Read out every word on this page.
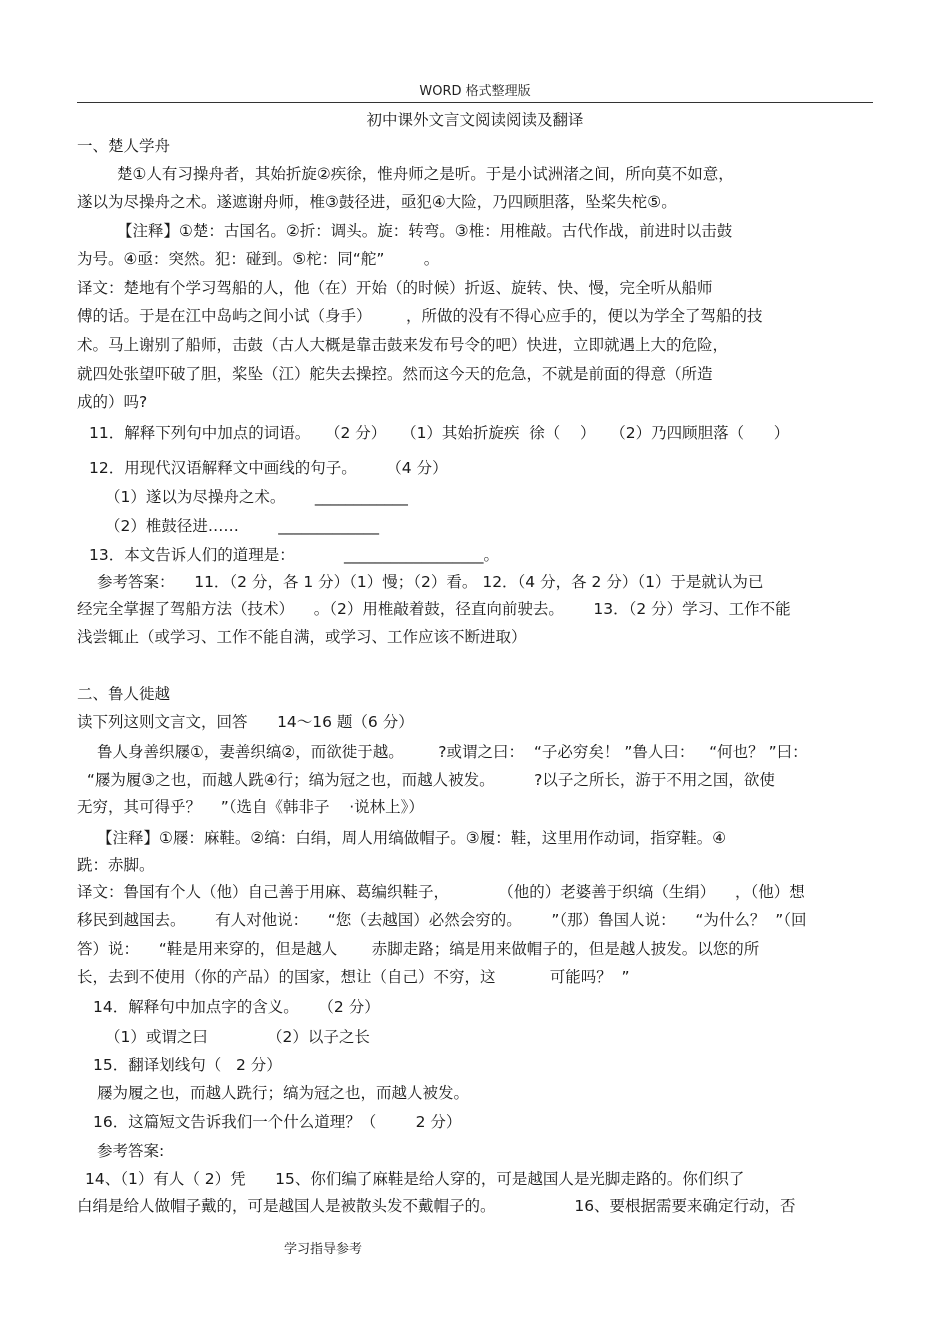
WORD 格式整理版
初中课外文言文阅读阅读及翻译
一、楚人学舟
楚①人有习操舟者，其始折旋②疾徐，惟舟师之是听。于是小试洲渚之间，所向莫不如意，
遂以为尽操舟之术。遂遮谢舟师，椎③鼓径进，亟犯④大险，乃四顾胆落，坠桨失柁⑤。
【注释】①楚：古国名。②折：调头。旋：转弯。③椎：用椎敲。古代作战，前进时以击鼓
为号。④亟：突然。犯：碰到。⑤柁：同“舵”        。
译文：楚地有个学习驾船的人，他（在）开始（的时候）折返、旋转、快、慢，完全听从船师
傅的话。于是在江中岛屿之间小试（身手）       ，所做的没有不得心应手的，便以为学全了驾船的技
术。马上谢别了船师，击鼓（古人大概是靠击鼓来发布号令的吧）快进，立即就遇上大的危险，
就四处张望吓破了胆，桨坠（江）舵失去操控。然而这今天的危急，不就是前面的得意（所造
成的）吗?
11．解释下列句中加点的词语。   （2 分）   （1）其始折旋疾  徐（    ）   （2）乃四顾胆落（      ）
12．用现代汉语解释文中画线的句子。      （4 分）
（1）遂以为尽操舟之术。      ____________
（2）椎鼓径进……        _____________
13．本文告诉人们的道理是：          __________________。
参考答案：    11．（2 分，各 1 分）（1）慢；（2）看。 12．（4 分，各 2 分）（1）于是就认为已
经完全掌握了驾船方法（技术）    。（2）用椎敲着鼓，径直向前驶去。      13．（2 分）学习、工作不能
浅尝辄止（或学习、工作不能自满，或学习、工作应该不断进取）
二、鲁人徙越
读下列这则文言文，回答      14～16 题（6 分）
鲁人身善织屦①，妻善织缟②，而欲徙于越。       ?或谓之曰：  “子必穷矣！ ”鲁人曰：   “何也？ ”曰：
“屦为履③之也，而越人跣④行；缟为冠之也，而越人被发。        ?以子之所长，游于不用之国，欲使
无穷，其可得乎？    ”（选自《韩非子    ·说林上》）
【注释】①屦：麻鞋。②缟：白绢，周人用缟做帽子。③履：鞋，这里用作动词，指穿鞋。④
跣：赤脚。
译文：鲁国有个人（他）自己善于用麻、葛编织鞋子，          （他的）老婆善于织缟（生绢）    ，（他）想
移民到越国去。      有人对他说：    “您（去越国）必然会穷的。      ”（那）鲁国人说：    “为什么？  ”（回
答）说：    “鞋是用来穿的，但是越人       赤脚走路；缟是用来做帽子的，但是越人披发。以您的所
长，去到不使用（你的产品）的国家，想让（自己）不穷，这           可能吗？  ”
14．解释句中加点字的含义。    （2 分）
（1）或谓之曰            （2）以子之长
15．翻译划线句（   2 分）
屦为履之也，而越人跣行；缟为冠之也，而越人被发。
16．这篇短文告诉我们一个什么道理？（        2 分）
参考答案:
14、（1）有人（ 2）凭      15、你们编了麻鞋是给人穿的，可是越国人是光脚走路的。你们织了
白绢是给人做帽子戴的，可是越国人是被散头发不戴帽子的。                16、要根据需要来确定行动，否
学习指导参考
